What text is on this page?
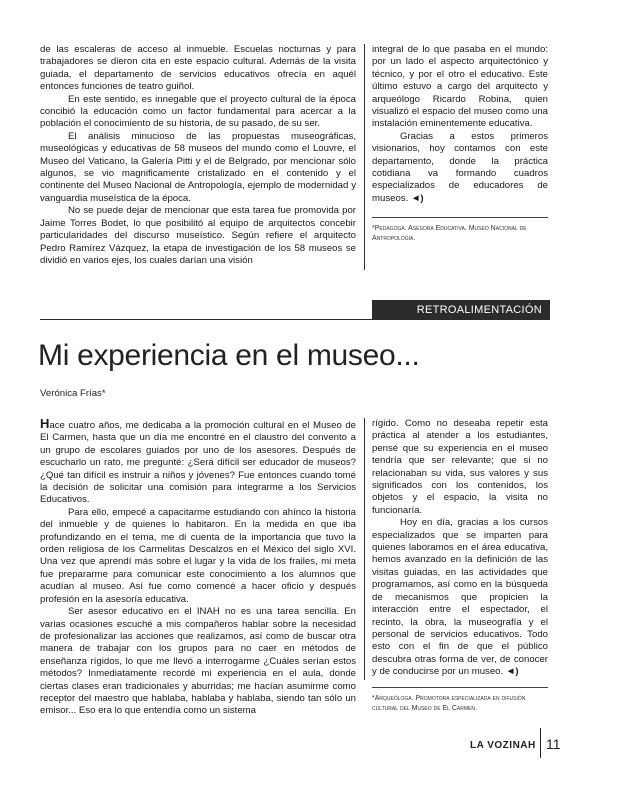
de las escaleras de acceso al inmueble. Escuelas nocturnas y para trabajadores se dieron cita en este espacio cultural. Además de la visita guiada, el departamento de servicios educativos ofrecía en aquél entonces funciones de teatro guiñol.

En este sentido, es innegable que el proyecto cultural de la época concibió la educación como un factor fundamental para acercar a la población el conocimiento de su historia, de su pasado, de su ser.

El análisis minucioso de las propuestas museográficas, museológicas y educativas de 58 museos del mundo como el Louvre, el Museo del Vaticano, la Galería Pitti y el de Belgrado, por mencionar sólo algunos, se vio magnificamente cristalizado en el contenido y el continente del Museo Nacional de Antropología, ejemplo de modernidad y vanguardia museística de la época.

No se puede dejar de mencionar que esta tarea fue promovida por Jaime Torres Bodet, lo que posibilitó al equipo de arquitectos concebir particularidades del discurso museístico. Según refiere el arquitecto Pedro Ramírez Vázquez, la etapa de investigación de los 58 museos se dividió en varios ejes, los cuales darían una visión

integral de lo que pasaba en el mundo: por un lado el aspecto arquitectónico y técnico, y por el otro el educativo. Este último estuvo a cargo del arquitecto y arqueólogo Ricardo Robina, quien visualizó el espacio del museo como una instalación eminentemente educativa.

Gracias a estos primeros visionarios, hoy contamos con este departamento, donde la práctica cotidiana va formando cuadros especializados de educadores de museos. ◄)

*Pedagoga. Asesora Educativa. Museo Nacional de Antropología.

RETROALIMENTACIÓN
Mi experiencia en el museo...
Verónica Frías*

Hace cuatro años, me dedicaba a la promoción cultural en el Museo de El Carmen, hasta que un día me encontré en el claustro del convento a un grupo de escolares guiados por uno de los asesores. Después de escucharlo un rato, me pregunté: ¿Será difícil ser educador de museos? ¿Qué tan difícil es instruir a niños y jóvenes? Fue entonces cuando tomé la decisión de solicitar una comisión para integrarme a los Servicios Educativos.

Para ello, empecé a capacitarme estudiando con ahínco la historia del inmueble y de quienes lo habitaron. En la medida en que iba profundizando en el tema, me di cuenta de la importancia que tuvo la orden religiosa de los Carmelitas Descalzos en el México del siglo XVI. Una vez que aprendí más sobre el lugar y la vida de los frailes, mi meta fue prepararme para comunicar este conocimiento a los alumnos que acudían al museo. Así fue como comencé a hacer oficio y después profesión en la asesoría educativa.

Ser asesor educativo en el INAH no es una tarea sencilla. En varias ocasiones escuché a mis compañeros hablar sobre la necesidad de profesionalizar las acciones que realizamos, así como de buscar otra manera de trabajar con los grupos para no caer en métodos de enseñanza rígidos, lo que me llevó a interrogarme ¿Cuáles serían estos métodos? Inmediatamente recordé mi experiencia en el aula, donde ciertas clases eran tradicionales y aburridas; me hacían asumirme como receptor del maestro que hablaba, hablaba y hablaba, siendo tan sólo un emisor... Eso era lo que entendía como un sistema

rígido. Como no deseaba repetir esta práctica al atender a los estudiantes, pensé que su experiencia en el museo tendría que ser relevante; que si no relacionaban su vida, sus valores y sus significados con los contenidos, los objetos y el espacio, la visita no funcionaría.

Hoy en día, gracias a los cursos especializados que se imparten para quienes laboramos en el área educativa, hemos avanzado en la definición de las visitas guiadas, en las actividades que programamos, así como en la búsqueda de mecanismos que propicien la interacción entre el espectador, el recinto, la obra, la museografía y el personal de servicios educativos. Todo esto con el fin de que el público descubra otras forma de ver, de conocer y de conducirse por un museo. ◄)

*Arqueóloga. Promotora especializada en difusión cultural del Museo de El Carmen.

LA VOZINAH 11
